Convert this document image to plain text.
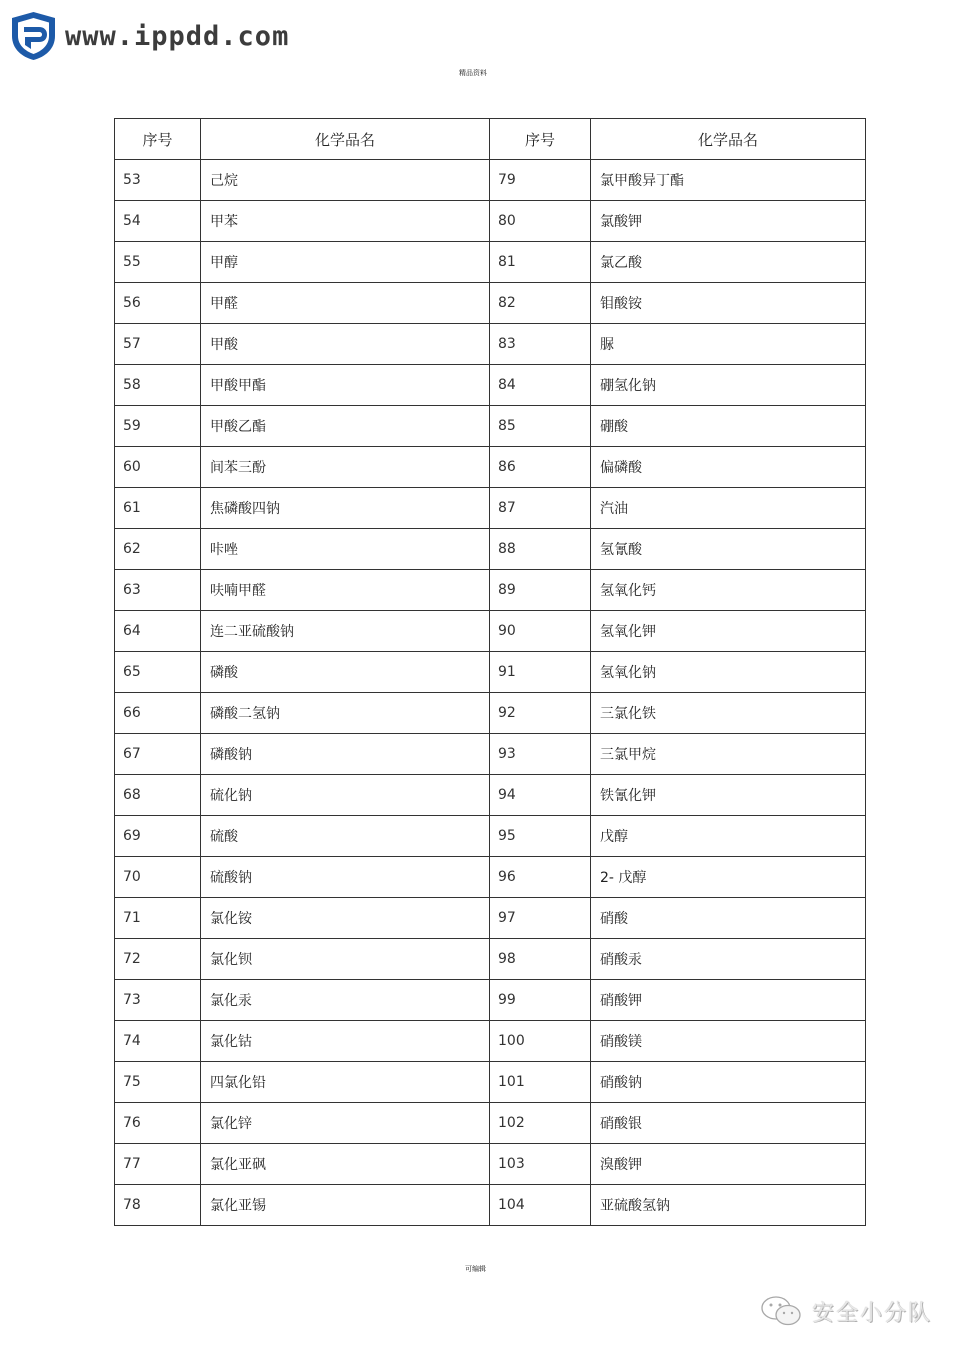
www.ippdd.com
精品资料
序号	化学品名	序号	化学品名
53	己烷	79	氯甲酸异丁酯
54	甲苯	80	氯酸钾
55	甲醇	81	氯乙酸
56	甲醛	82	钼酸铵
57	甲酸	83	脲
58	甲酸甲酯	84	硼氢化钠
59	甲酸乙酯	85	硼酸
60	间苯三酚	86	偏磷酸
61	焦磷酸四钠	87	汽油
62	咔唑	88	氢氰酸
63	呋喃甲醛	89	氢氧化钙
64	连二亚硫酸钠	90	氢氧化钾
65	磷酸	91	氢氧化钠
66	磷酸二氢钠	92	三氯化铁
67	磷酸钠	93	三氯甲烷
68	硫化钠	94	铁氰化钾
69	硫酸	95	戊醇
70	硫酸钠	96	2- 戊醇
71	氯化铵	97	硝酸
72	氯化钡	98	硝酸汞
73	氯化汞	99	硝酸钾
74	氯化钴	100	硝酸镁
75	四氯化铅	101	硝酸钠
76	氯化锌	102	硝酸银
77	氯化亚砜	103	溴酸钾
78	氯化亚锡	104	亚硫酸氢钠
可编辑
安全小分队
